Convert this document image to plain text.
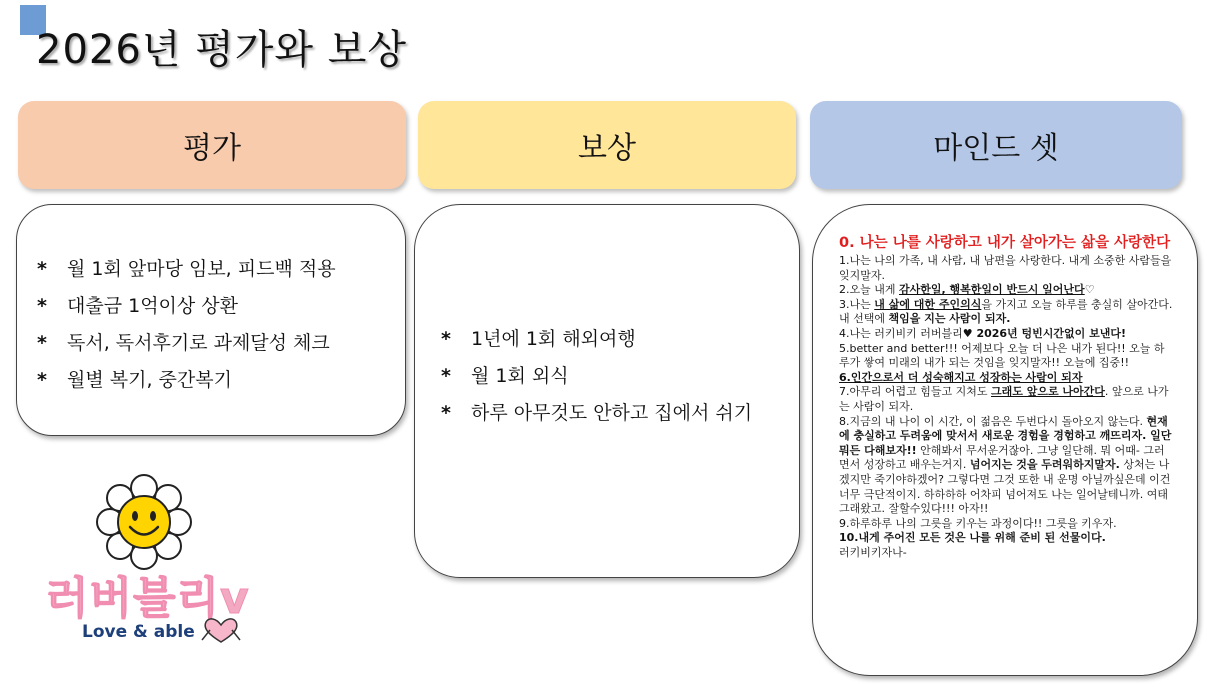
2026년 평가와 보상
평가	보상	마인드 셋
* 월 1회 앞마당 임보, 피드백 적용
* 대출금 1억이상 상환
* 독서, 독서후기로 과제달성 체크
* 월별 복기, 중간복기
* 1년에 1회 해외여행
* 월 1회 외식
* 하루 아무것도 안하고 집에서 쉬기

0. 나는 나를 사랑하고 내가 살아가는 삶을 사랑한다

1.나는 나의 가족, 내 사람, 내 남편을 사랑한다. 내게 소중한 사람들을 잊지말자.

2.오늘 내게 감사한일, 행복한일이 반드시 일어난다♡

3.나는 내 삶에 대한 주인의식을 가지고 오늘 하루를 충실히 살아간다. 내 선택에 책임을 지는 사람이 되자.

4.나는 러키비키 러버블리♥ 2026년 텅빈시간없이 보낸다!

5.better and better!!! 어제보다 오늘 더 나은 내가 된다!! 오늘 하루가 쌓여 미래의 내가 되는 것임을 잊지말자!! 오늘에 집중!!

6.인간으로서 더 성숙해지고 성장하는 사람이 되자

7.아무리 어렵고 힘들고 지쳐도 그래도 앞으로 나아간다. 앞으로 나가는 사람이 되자.

8.지금의 내 나이 이 시간, 이 젊음은 두번다시 돌아오지 않는다. 현재에 충실하고 두려움에 맞서서 새로운 경험을 경험하고 깨뜨리자. 일단 뭐든 다해보자!! 안해봐서 무서운거잖아. 그냥 일단해. 뭐 어때- 그러면서 성장하고 배우는거지. 넘어지는 것을 두려워하지말자. 상처는 나겠지만 죽기야하겠어? 그렇다면 그것 또한 내 운명 아닐까싶은데 이건 너무 극단적이지. 하하하하 어차피 넘어져도 나는 일어날테니까. 여태 그래왔고. 잘할수있다!!! 아자!!

9.하루하루 나의 그릇을 키우는 과정이다!! 그릇을 키우자.

10.내게 주어진 모든 것은 나를 위해 준비 된 선물이다.

러키비키자나-

러버블리v
Love & able
